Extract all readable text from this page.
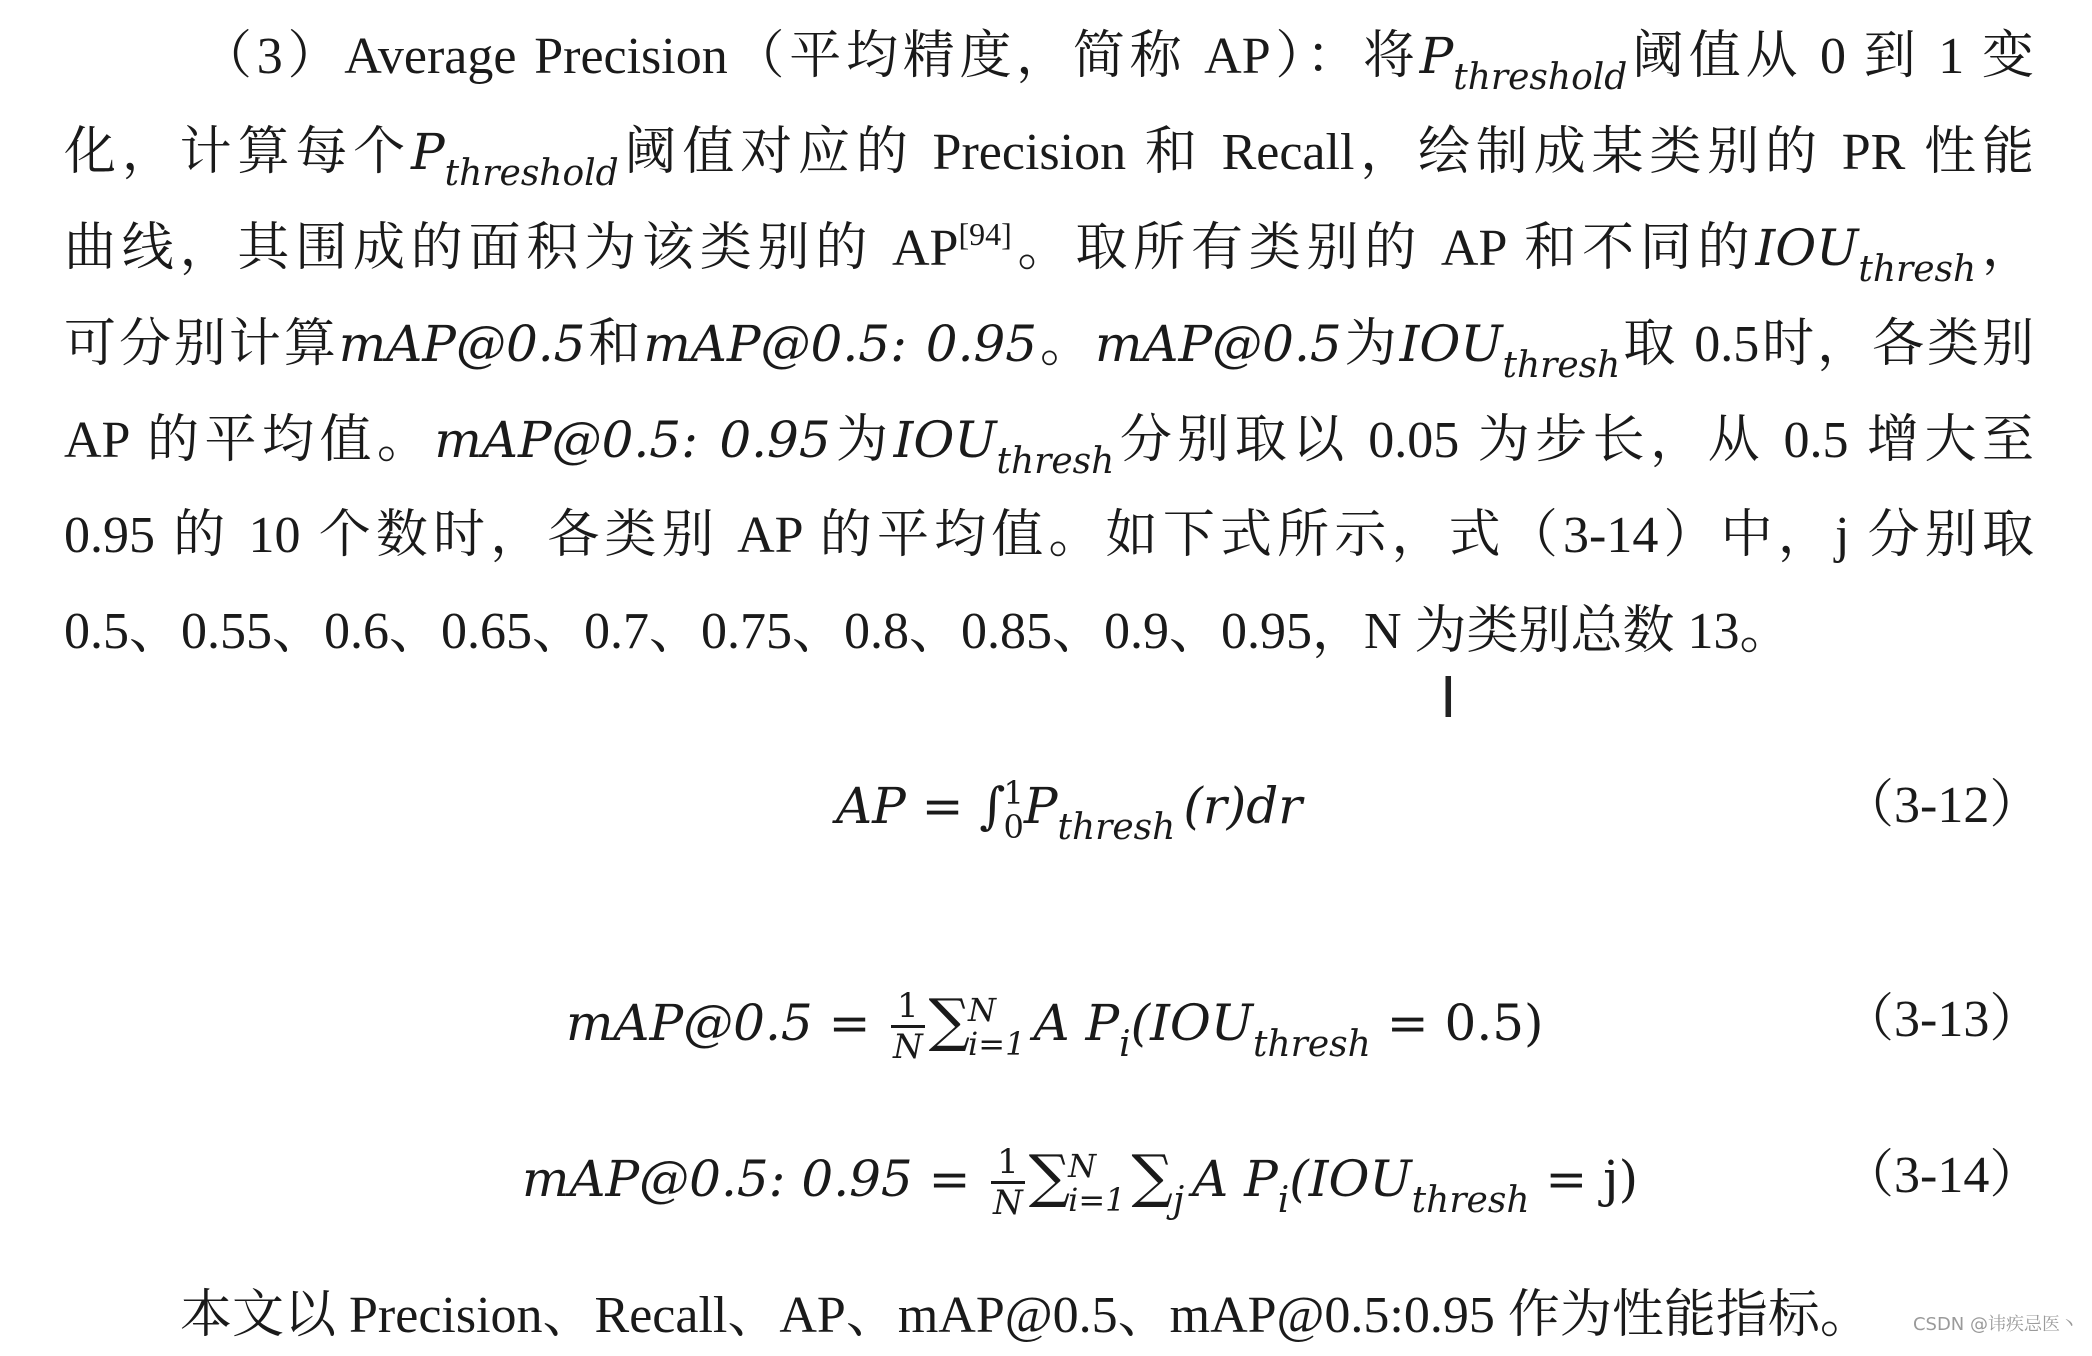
（3）Average Precision（平均精度，简称 AP）：将$P_{threshold}$阈值从 0 到 1 变
化，计算每个$P_{threshold}$阈值对应的 Precision 和 Recall，绘制成某类别的 PR 性能
曲线，其围成的面积为该类别的 AP[94]。取所有类别的 AP 和不同的$IOU_{thresh}$，
可分别计算mAP@0.5和mAP@0.5: 0.95。mAP@0.5为$IOU_{thresh}$取 0.5时，各类别
AP 的平均值。mAP@0.5: 0.95为$IOU_{thresh}$分别取以 0.05 为步长，从 0.5 增大至
0.95 的 10 个数时，各类别 AP 的平均值。如下式所示，式（3-14）中，j 分别取
0.5、0.55、0.6、0.65、0.7、0.75、0.8、0.85、0.9、0.95，N 为类别总数 13。
I
AP = ∫
1
0 $P_{thresh}$ (r)dr	（3-12）
mAP@0.5 = $\frac{1}{N}$ ∑
N
i=1 A $P_i(IOU_{thresh} = 0.5)$	（3-13）
mAP@0.5: $0.95 = \frac{1}{N}$ ∑
N
i=1 $\sum_j$ A $P_i(IOU_{thresh} = j)$	（3-14）
本文以 Precision、Recall、AP、mAP@0.5、mAP@0.5:0.95 作为性能指标。	CSDN @讳疾忌医丶
